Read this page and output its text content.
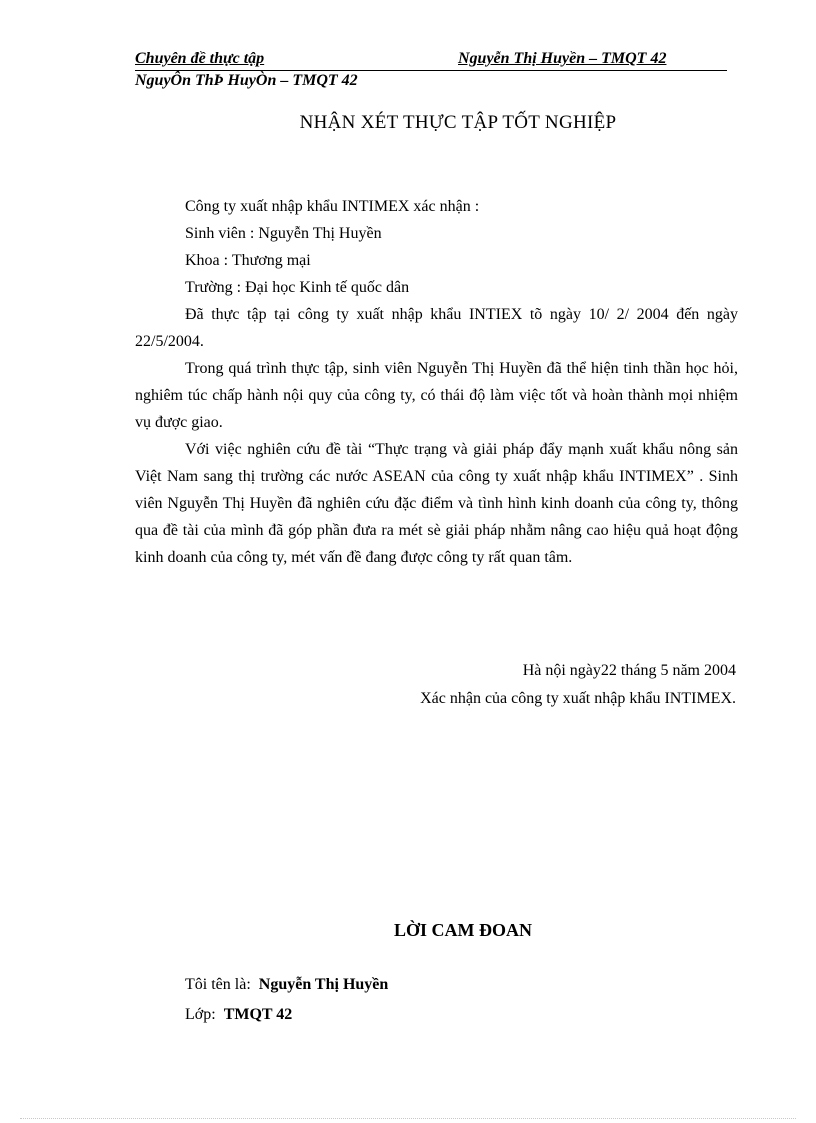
Chuyên đề thực tập	Nguyễn Thị Huyền – TMQT 42
NguyÔn ThÞ HuyÒn – TMQT 42
NHẬN XÉT THỰC TẬP TỐT NGHIỆP

Công ty xuất nhập khẩu INTIMEX xác nhận :

Sinh viên : Nguyễn Thị Huyền

Khoa : Thương mại

Trường : Đại học Kinh tế quốc dân

Đã thực tập tại công ty xuất nhập khẩu INTIEX tõ ngày 10/ 2/ 2004 đến ngày 22/5/2004.

Trong quá trình thực tập, sinh viên Nguyễn Thị Huyền đã thể hiện tinh thần học hỏi, nghiêm túc chấp hành nội quy của công ty, có thái độ làm việc tốt và hoàn thành mọi nhiệm vụ được giao.

Với việc nghiên cứu đề tài “Thực trạng và giải pháp đẩy mạnh xuất khẩu nông sản Việt Nam sang thị trường các nước ASEAN của công ty xuất nhập khẩu INTIMEX” . Sinh viên Nguyễn Thị Huyền đã nghiên cứu đặc điểm và tình hình kinh doanh của công ty, thông qua đề tài của mình đã góp phần đưa ra mét sè giải pháp nhằm nâng cao hiệu quả hoạt động kinh doanh của công ty, mét vấn đề đang được công ty rất quan tâm.

Hà nội ngày22 tháng 5 năm 2004
Xác nhận của công ty xuất nhập khẩu INTIMEX.
LỜI CAM ĐOAN
Tôi tên là: Nguyễn Thị Huyền
Lớp: TMQT 42
